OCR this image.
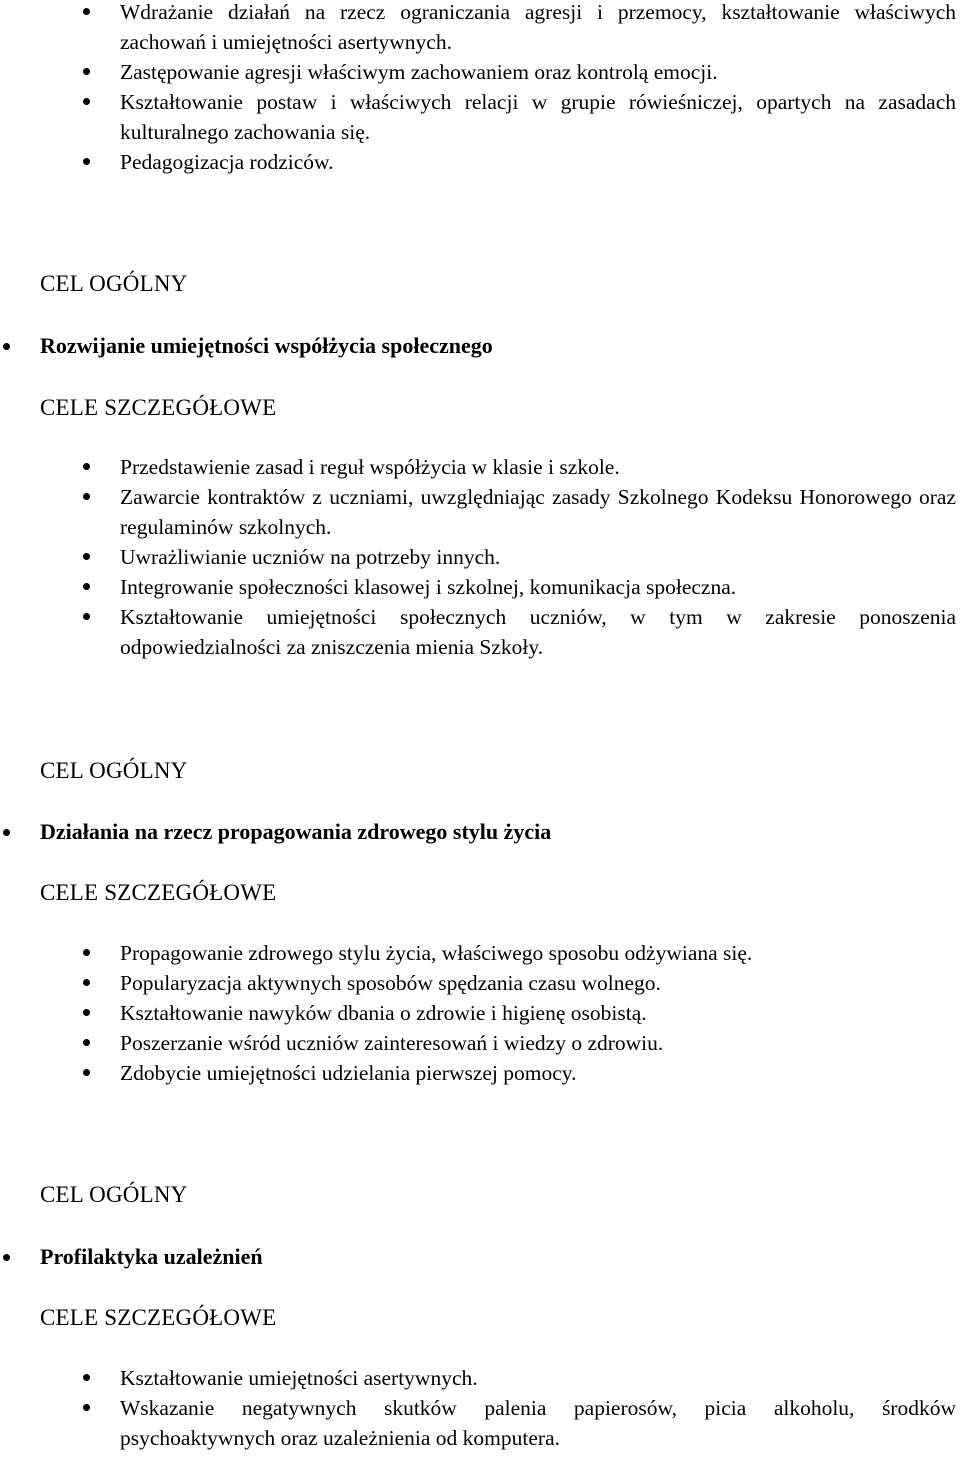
Wdrażanie działań na rzecz ograniczania agresji i przemocy, kształtowanie właściwych zachowań i umiejętności asertywnych.
Zastępowanie agresji właściwym zachowaniem oraz kontrolą emocji.
Kształtowanie postaw i właściwych relacji w grupie rówieśniczej, opartych na zasadach kulturalnego zachowania się.
Pedagogizacja rodziców.
CEL OGÓLNY
Rozwijanie umiejętności współżycia społecznego
CELE SZCZEGÓŁOWE
Przedstawienie zasad i reguł współżycia w klasie i szkole.
Zawarcie kontraktów z uczniami, uwzględniając zasady Szkolnego Kodeksu Honorowego oraz regulaminów szkolnych.
Uwrażliwianie uczniów na potrzeby innych.
Integrowanie społeczności klasowej i szkolnej, komunikacja społeczna.
Kształtowanie umiejętności społecznych uczniów, w tym w zakresie ponoszenia odpowiedzialności za zniszczenia mienia Szkoły.
CEL OGÓLNY
Działania na rzecz propagowania zdrowego stylu życia
CELE SZCZEGÓŁOWE
Propagowanie zdrowego stylu życia, właściwego sposobu odżywiana się.
Popularyzacja aktywnych sposobów spędzania czasu wolnego.
Kształtowanie nawyków dbania o zdrowie i higienę osobistą.
Poszerzanie wśród uczniów zainteresowań i wiedzy o zdrowiu.
Zdobycie umiejętności udzielania pierwszej pomocy.
CEL OGÓLNY
Profilaktyka uzależnień
CELE SZCZEGÓŁOWE
Kształtowanie umiejętności asertywnych.
Wskazanie negatywnych skutków palenia papierosów, picia alkoholu, środków psychoaktywnych oraz uzależnienia od komputera.
